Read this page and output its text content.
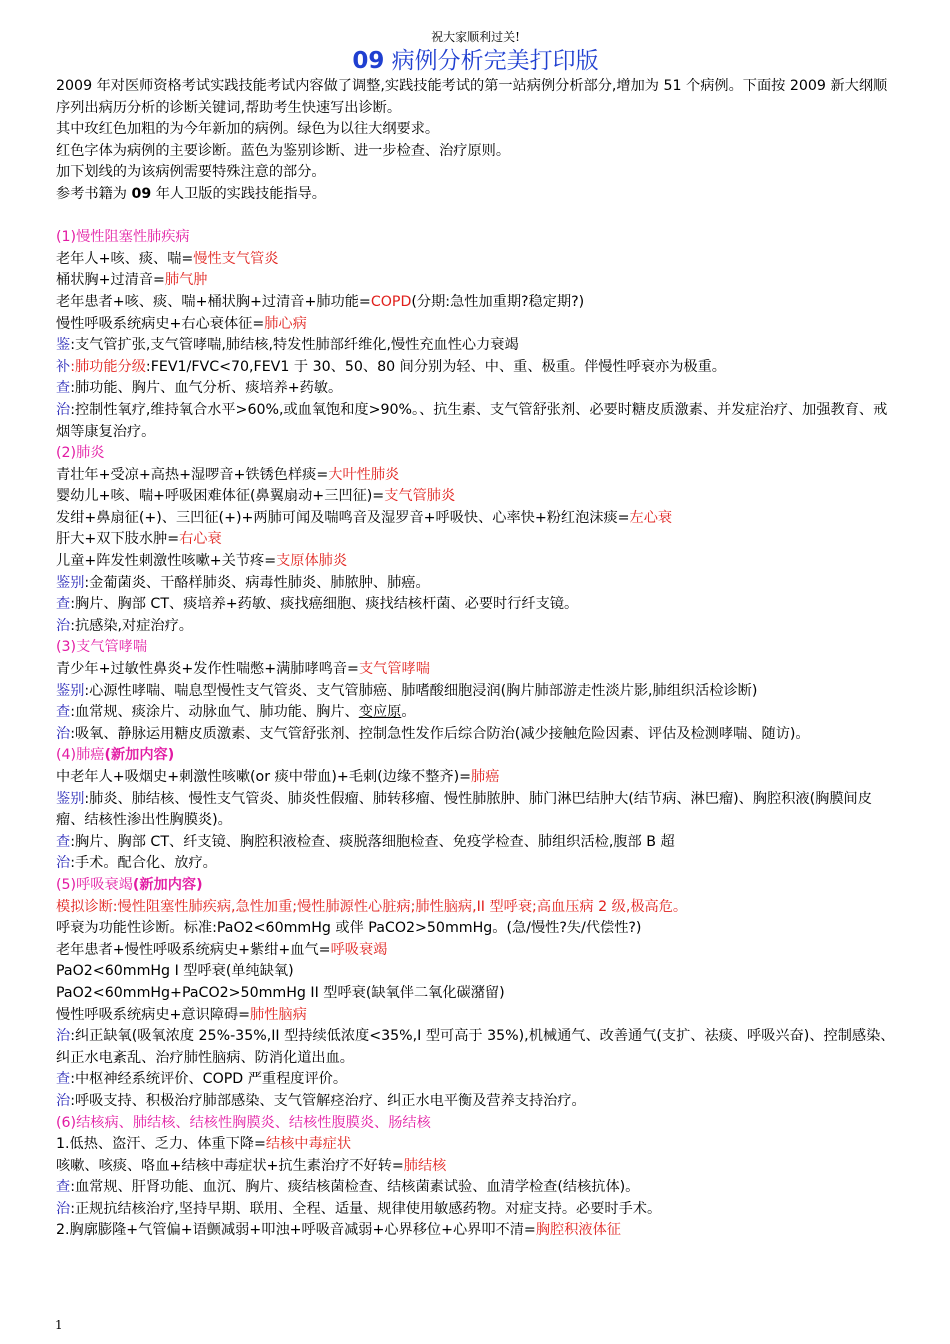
祝大家顺利过关!
09 病例分析完美打印版
2009 年对医师资格考试实践技能考试内容做了调整,实践技能考试的第一站病例分析部分,增加为 51 个病例。下面按 2009 新大纲顺序列出病历分析的诊断关键词,帮助考生快速写出诊断。
其中玫红色加粗的为今年新加的病例。绿色为以往大纲要求。
红色字体为病例的主要诊断。蓝色为鉴别诊断、进一步检查、治疗原则。
加下划线的为该病例需要特殊注意的部分。
参考书籍为 09 年人卫版的实践技能指导。
(1)慢性阻塞性肺疾病
老年人+咳、痰、喘=慢性支气管炎
桶状胸+过清音=肺气肿
老年患者+咳、痰、喘+桶状胸+过清音+肺功能=COPD(分期:急性加重期?稳定期?)
慢性呼吸系统病史+右心衰体征=肺心病
鉴:支气管扩张,支气管哮喘,肺结核,特发性肺部纤维化,慢性充血性心力衰竭
补:肺功能分级:FEV1/FVC<70,FEV1 于 30、50、80 间分别为轻、中、重、极重。伴慢性呼衰亦为极重。
查:肺功能、胸片、血气分析、痰培养+药敏。
治:控制性氧疗,维持氧合水平>60%,或血氧饱和度>90%。、抗生素、支气管舒张剂、必要时糖皮质激素、并发症治疗、加强教育、戒烟等康复治疗。
(2)肺炎
青壮年+受凉+高热+湿啰音+铁锈色样痰=大叶性肺炎
婴幼儿+咳、喘+呼吸困难体征(鼻翼扇动+三凹征)=支气管肺炎
发绀+鼻扇征(+)、三凹征(+)+两肺可闻及喘鸣音及湿罗音+呼吸快、心率快+粉红泡沫痰=左心衰
肝大+双下肢水肿=右心衰
儿童+阵发性刺激性咳嗽+关节疼=支原体肺炎
鉴别:金葡菌炎、干酪样肺炎、病毒性肺炎、肺脓肿、肺癌。
查:胸片、胸部 CT、痰培养+药敏、痰找癌细胞、痰找结核杆菌、必要时行纤支镜。
治:抗感染,对症治疗。
(3)支气管哮喘
青少年+过敏性鼻炎+发作性喘憋+满肺哮鸣音=支气管哮喘
鉴别:心源性哮喘、喘息型慢性支气管炎、支气管肺癌、肺嗜酸细胞浸润(胸片肺部游走性淡片影,肺组织活检诊断)
查:血常规、痰涂片、动脉血气、肺功能、胸片、变应原。
治:吸氧、静脉运用糖皮质激素、支气管舒张剂、控制急性发作后综合防治(减少接触危险因素、评估及检测哮喘、随访)。
(4)肺癌(新加内容)
中老年人+吸烟史+刺激性咳嗽(or 痰中带血)+毛刺(边缘不整齐)=肺癌
鉴别:肺炎、肺结核、慢性支气管炎、肺炎性假瘤、肺转移瘤、慢性肺脓肿、肺门淋巴结肿大(结节病、淋巴瘤)、胸腔积液(胸膜间皮瘤、结核性渗出性胸膜炎)。
查:胸片、胸部 CT、纤支镜、胸腔积液检查、痰脱落细胞检查、免疫学检查、肺组织活检,腹部 B 超
治:手术。配合化、放疗。
(5)呼吸衰竭(新加内容)
模拟诊断:慢性阻塞性肺疾病,急性加重;慢性肺源性心脏病;肺性脑病,II 型呼衰;高血压病 2 级,极高危。
呼衰为功能性诊断。标准:PaO2<60mmHg 或伴 PaCO2>50mmHg。(急/慢性?失/代偿性?)
老年患者+慢性呼吸系统病史+紫绀+血气=呼吸衰竭
PaO2<60mmHg I 型呼衰(单纯缺氧)
PaO2<60mmHg+PaCO2>50mmHg II 型呼衰(缺氧伴二氧化碳潴留)
慢性呼吸系统病史+意识障碍=肺性脑病
治:纠正缺氧(吸氧浓度 25%-35%,II 型持续低浓度<35%,I 型可高于 35%),机械通气、改善通气(支扩、祛痰、呼吸兴奋)、控制感染、纠正水电紊乱、治疗肺性脑病、防消化道出血。
查:中枢神经系统评价、COPD 严重程度评价。
治:呼吸支持、积极治疗肺部感染、支气管解痉治疗、纠正水电平衡及营养支持治疗。
(6)结核病、肺结核、结核性胸膜炎、结核性腹膜炎、肠结核
1.低热、盗汗、乏力、体重下降=结核中毒症状
咳嗽、咳痰、咯血+结核中毒症状+抗生素治疗不好转=肺结核
查:血常规、肝肾功能、血沉、胸片、痰结核菌检查、结核菌素试验、血清学检查(结核抗体)。
治:正规抗结核治疗,坚持早期、联用、全程、适量、规律使用敏感药物。对症支持。必要时手术。
2.胸廓膨隆+气管偏+语颤减弱+叩浊+呼吸音减弱+心界移位+心界叩不清=胸腔积液体征
1
